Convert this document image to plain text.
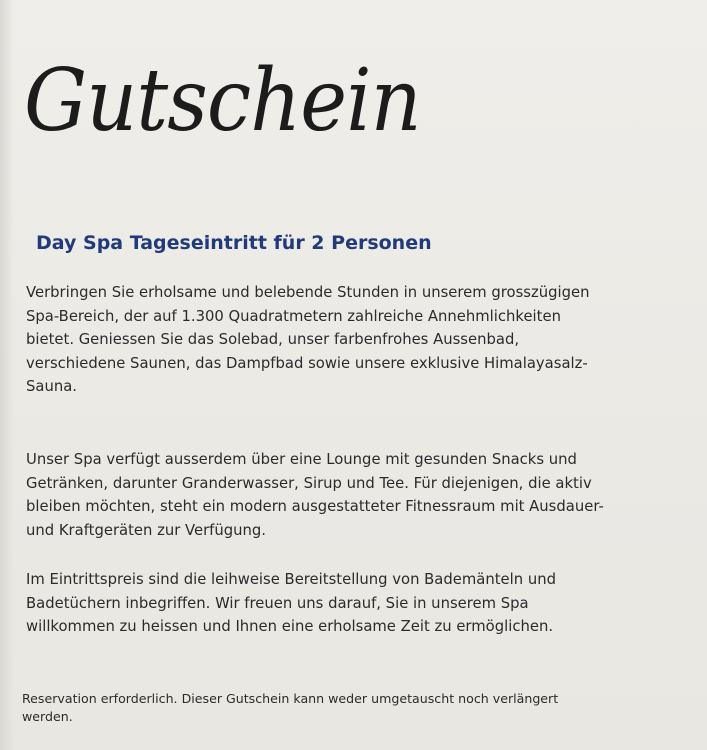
Gutschein
Day Spa Tageseintritt für 2 Personen

Verbringen Sie erholsame und belebende Stunden in unserem grosszügigen
Spa-Bereich, der auf 1.300 Quadratmetern zahlreiche Annehmlichkeiten
bietet. Geniessen Sie das Solebad, unser farbenfrohes Aussenbad,
verschiedene Saunen, das Dampfbad sowie unsere exklusive Himalayasalz-
Sauna.

Unser Spa verfügt ausserdem über eine Lounge mit gesunden Snacks und
Getränken, darunter Granderwasser, Sirup und Tee. Für diejenigen, die aktiv
bleiben möchten, steht ein modern ausgestatteter Fitnessraum mit Ausdauer-
und Kraftgeräten zur Verfügung.

Im Eintrittspreis sind die leihweise Bereitstellung von Bademänteln und
Badetüchern inbegriffen. Wir freuen uns darauf, Sie in unserem Spa
willkommen zu heissen und Ihnen eine erholsame Zeit zu ermöglichen.

Reservation erforderlich. Dieser Gutschein kann weder umgetauscht noch verlängert
werden.
